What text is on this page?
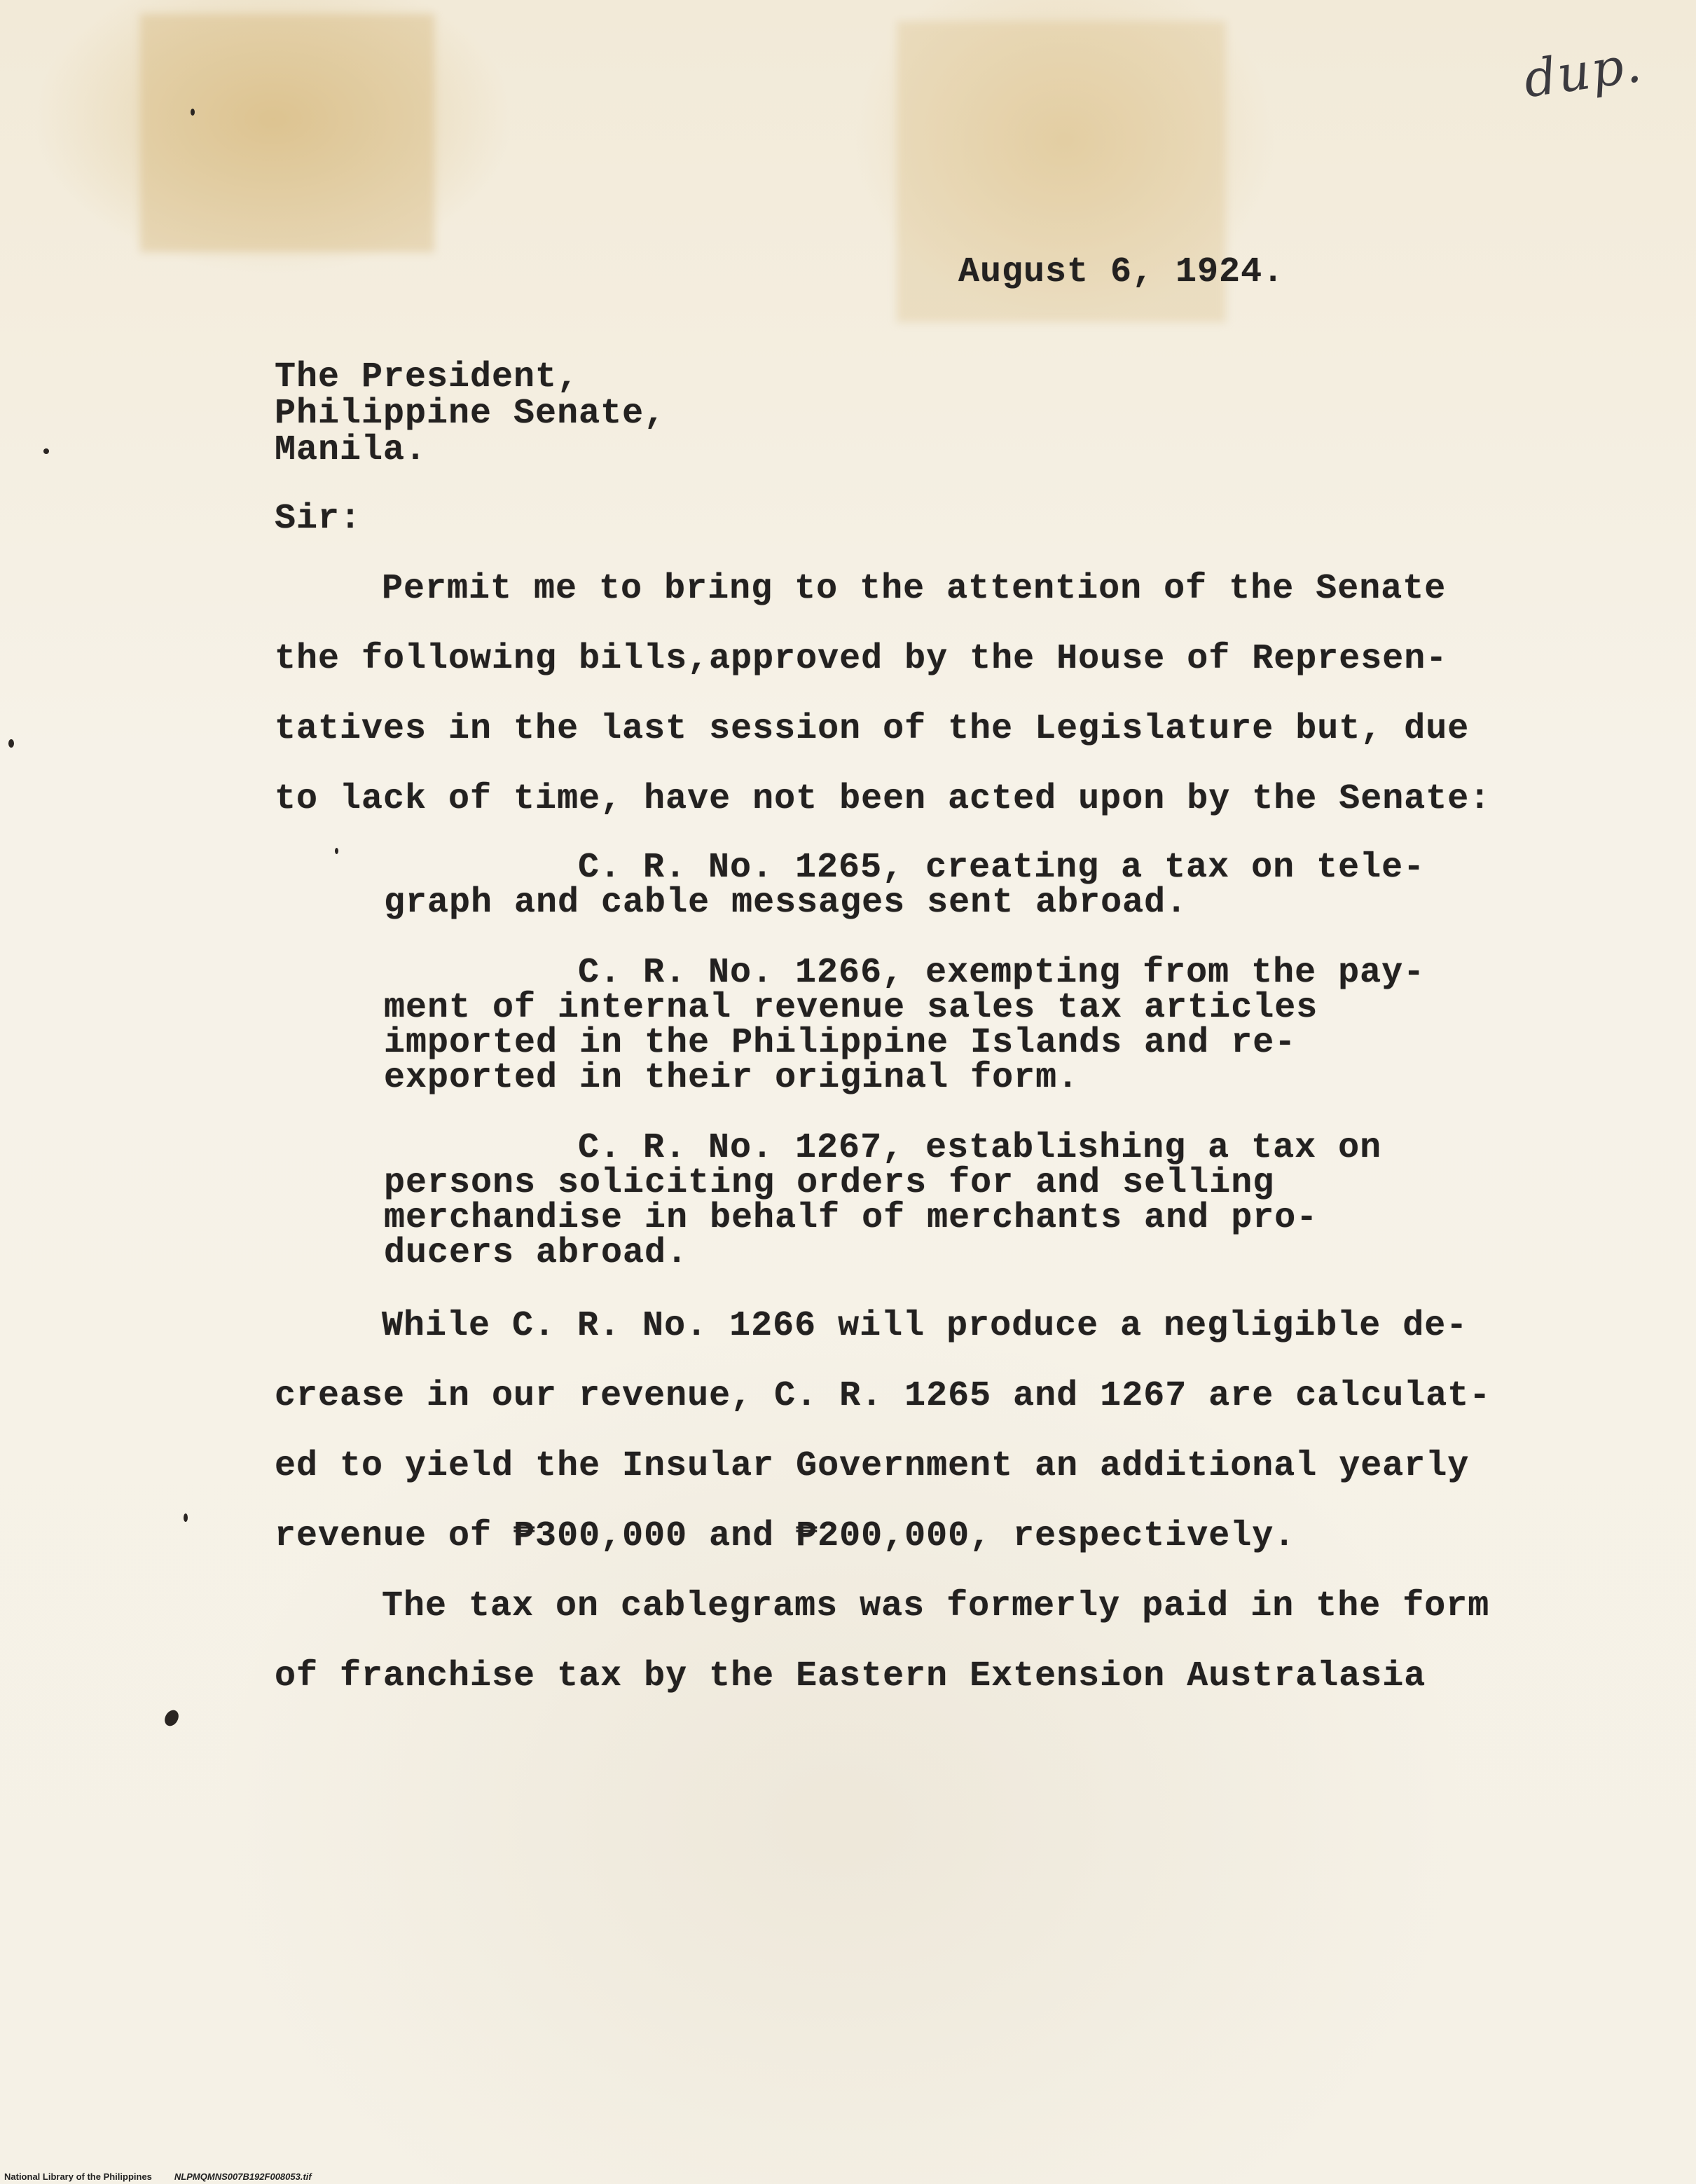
dup.
August 6, 1924.
The President,
Philippine Senate,
Manila.
Sir:
Permit me to bring to the attention of the Senate
the following bills,approved by the House of Represen-
tatives in the last session of the Legislature but, due
to lack of time, have not been acted upon by the Senate:
C. R. No. 1265, creating a tax on tele-
graph and cable messages sent abroad.
C. R. No. 1266, exempting from the pay-
ment of internal revenue sales tax articles
imported in the Philippine Islands and re-
exported in their original form.
C. R. No. 1267, establishing a tax on
persons soliciting orders for and selling
merchandise in behalf of merchants and pro-
ducers abroad.
While C. R. No. 1266 will produce a negligible de-
crease in our revenue, C. R. 1265 and 1267 are calculat-
ed to yield the Insular Government an additional yearly
revenue of ₱300,000 and ₱200,000, respectively.
The tax on cablegrams was formerly paid in the form
of franchise tax by the Eastern Extension Australasia
National Library of the Philippines NLPMQMNS007B192F008053.tif
